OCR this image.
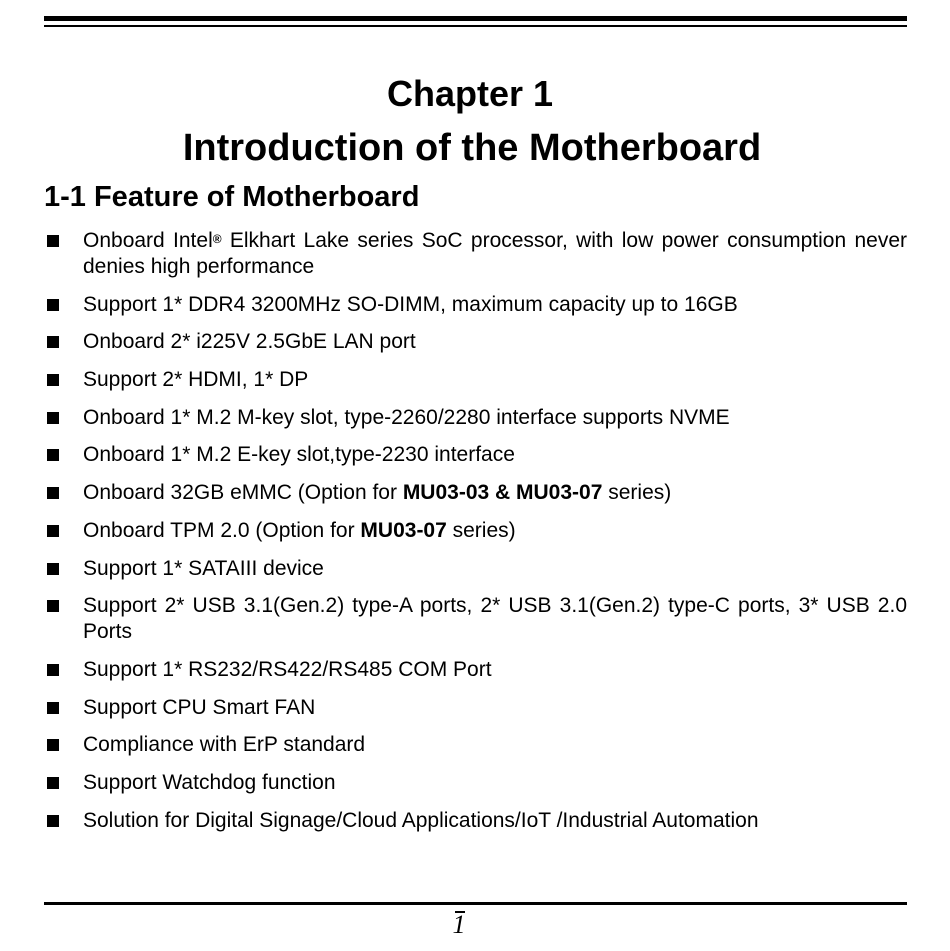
Chapter 1
Introduction of the Motherboard
1-1 Feature of Motherboard
Onboard Intel® Elkhart Lake series SoC processor, with low power consumption never denies high performance
Support 1* DDR4 3200MHz SO-DIMM, maximum capacity up to 16GB
Onboard 2* i225V 2.5GbE LAN port
Support 2* HDMI, 1* DP
Onboard 1* M.2 M-key slot, type-2260/2280 interface supports NVME
Onboard 1* M.2 E-key slot,type-2230 interface
Onboard 32GB eMMC (Option for MU03-03 & MU03-07 series)
Onboard TPM 2.0 (Option for MU03-07 series)
Support 1* SATAIII device
Support 2* USB 3.1(Gen.2) type-A ports, 2* USB 3.1(Gen.2) type-C ports, 3* USB 2.0 Ports
Support 1* RS232/RS422/RS485 COM Port
Support CPU Smart FAN
Compliance with ErP standard
Support Watchdog function
Solution for Digital Signage/Cloud Applications/IoT /Industrial Automation
1
